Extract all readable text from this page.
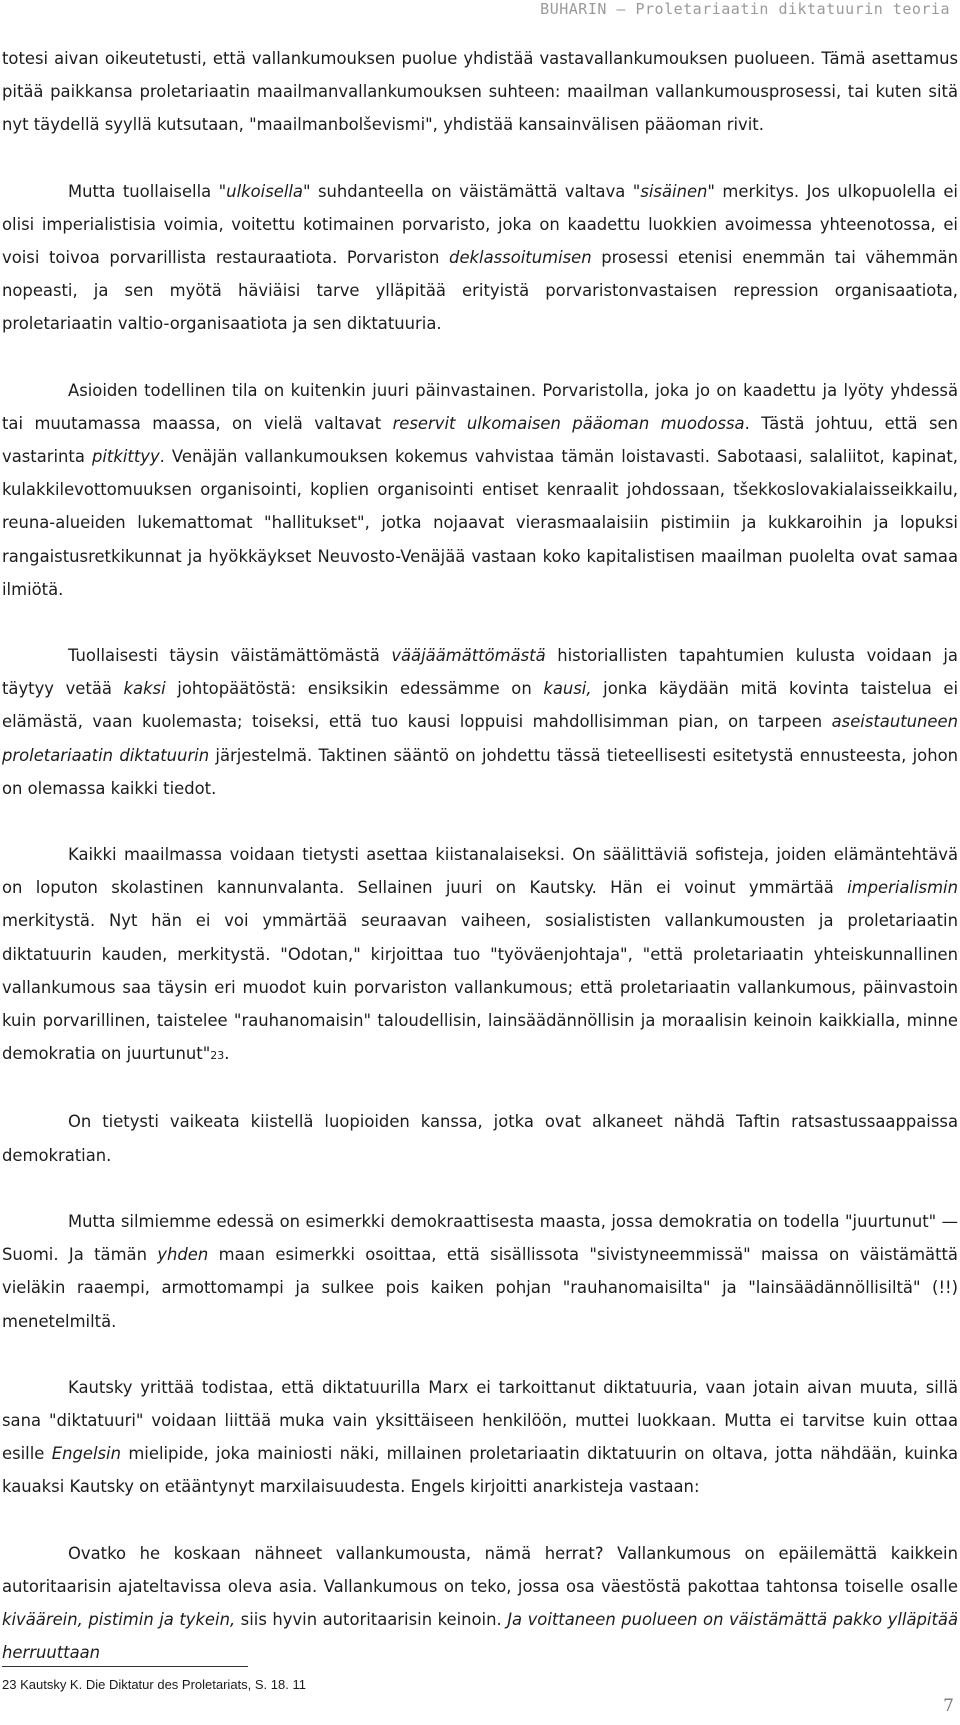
BUHARIN – Proletariaatin diktatuurin teoria

totesi aivan oikeutetusti, että vallankumouksen puolue yhdistää vastavallankumouksen puolueen. Tämä asettamus pitää paikkansa proletariaatin maailmanvallankumouksen suhteen: maailman vallankumousprosessi, tai kuten sitä nyt täydellä syyllä kutsutaan, "maailmanbolševismi", yhdistää kansainvälisen pääoman rivit.

Mutta tuollaisella "ulkoisella" suhdanteella on väistämättä valtava "sisäinen" merkitys. Jos ulkopuolella ei olisi imperialistisia voimia, voitettu kotimainen porvaristo, joka on kaadettu luokkien avoimessa yhteenotossa, ei voisi toivoa porvarillista restauraatiota. Porvariston deklassoitumisen prosessi etenisi enemmän tai vähemmän nopeasti, ja sen myötä häviäisi tarve ylläpitää erityistä porvaristonvastaisen repression organisaatiota, proletariaatin valtio-organisaatiota ja sen diktatuuria.

Asioiden todellinen tila on kuitenkin juuri päinvastainen. Porvaristolla, joka jo on kaadettu ja lyöty yhdessä tai muutamassa maassa, on vielä valtavat reservit ulkomaisen pääoman muodossa. Tästä johtuu, että sen vastarinta pitkittyy. Venäjän vallankumouksen kokemus vahvistaa tämän loistavasti. Sabotaasi, salaliitot, kapinat, kulakkilevottomuuksen organisointi, koplien organisointi entiset kenraalit johdossaan, tšekkoslovakialaisseikkailu, reuna-alueiden lukemattomat "hallitukset", jotka nojaavat vierasmaalaisiin pistimiin ja kukkaroihin ja lopuksi rangaistusretkikunnat ja hyökkäykset Neuvosto-Venäjää vastaan koko kapitalistisen maailman puolelta ovat samaa ilmiötä.

Tuollaisesti täysin väistämättömästä vääjäämättömästä historiallisten tapahtumien kulusta voidaan ja täytyy vetää kaksi johtopäätöstä: ensiksikin edessämme on kausi, jonka käydään mitä kovinta taistelua ei elämästä, vaan kuolemasta; toiseksi, että tuo kausi loppuisi mahdollisimman pian, on tarpeen aseistautuneen proletariaatin diktatuurin järjestelmä. Taktinen sääntö on johdettu tässä tieteellisesti esitetystä ennusteesta, johon on olemassa kaikki tiedot.

Kaikki maailmassa voidaan tietysti asettaa kiistanalaiseksi. On säälittäviä sofisteja, joiden elämäntehtävä on loputon skolastinen kannunvalanta. Sellainen juuri on Kautsky. Hän ei voinut ymmärtää imperialismin merkitystä. Nyt hän ei voi ymmärtää seuraavan vaiheen, sosialististen vallankumousten ja proletariaatin diktatuurin kauden, merkitystä. "Odotan," kirjoittaa tuo "työväenjohtaja", "että proletariaatin yhteiskunnallinen vallankumous saa täysin eri muodot kuin porvariston vallankumous; että proletariaatin vallankumous, päinvastoin kuin porvarillinen, taistelee "rauhanomaisin" taloudellisin, lainsäädännöllisin ja moraalisin keinoin kaikkialla, minne demokratia on juurtunut"23.

On tietysti vaikeata kiistellä luopioiden kanssa, jotka ovat alkaneet nähdä Taftin ratsastussaappaissa demokratian.

Mutta silmiemme edessä on esimerkki demokraattisesta maasta, jossa demokratia on todella "juurtunut" — Suomi. Ja tämän yhden maan esimerkki osoittaa, että sisällissota "sivistyneemmissä" maissa on väistämättä vieläkin raaempi, armottomampi ja sulkee pois kaiken pohjan "rauhanomaisilta" ja "lainsäädännöllisiltä" (!!) menetelmiltä.

Kautsky yrittää todistaa, että diktatuurilla Marx ei tarkoittanut diktatuuria, vaan jotain aivan muuta, sillä sana "diktatuuri" voidaan liittää muka vain yksittäiseen henkilöön, muttei luokkaan. Mutta ei tarvitse kuin ottaa esille Engelsin mielipide, joka mainiosti näki, millainen proletariaatin diktatuurin on oltava, jotta nähdään, kuinka kauaksi Kautsky on etääntynyt marxilaisuudesta. Engels kirjoitti anarkisteja vastaan:

Ovatko he koskaan nähneet vallankumousta, nämä herrat? Vallankumous on epäilemättä kaikkein autoritaarisin ajateltavissa oleva asia. Vallankumous on teko, jossa osa väestöstä pakottaa tahtonsa toiselle osalle kiväärein, pistimin ja tykein, siis hyvin autoritaarisin keinoin. Ja voittaneen puolueen on väistämättä pakko ylläpitää herruuttaan

23 Kautsky K. Die Diktatur des Proletariats, S. 18. 11
7
